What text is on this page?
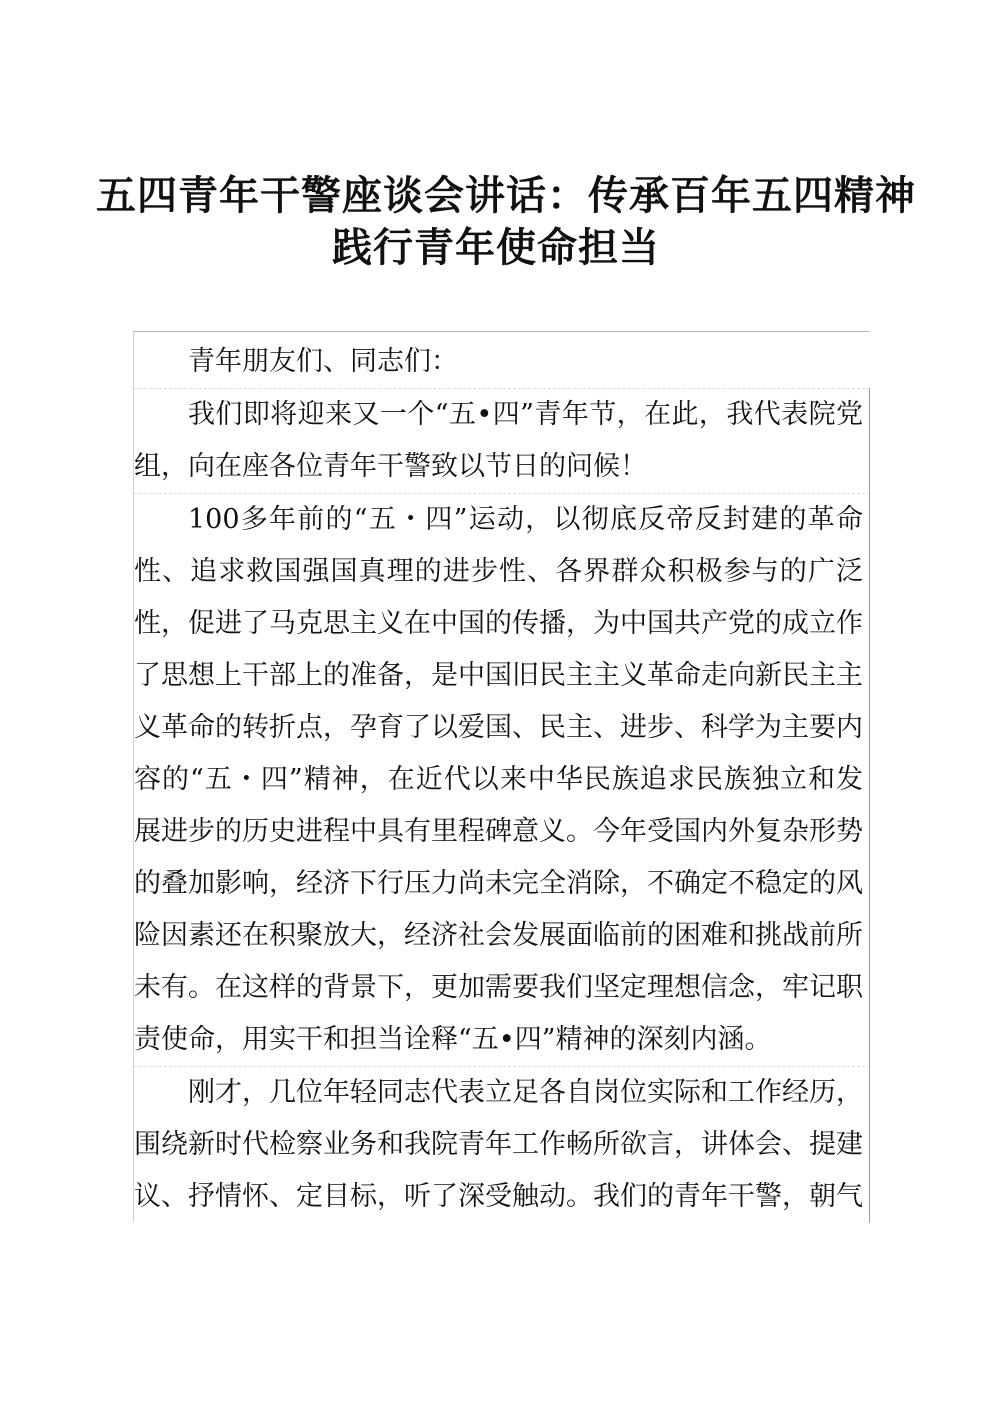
五四青年干警座谈会讲话：传承百年五四精神
践行青年使命担当

青年朋友们、同志们：

我们即将迎来又一个“五•四”青年节，在此，我代表院党组，向在座各位青年干警致以节日的问候！

100多年前的“五・四”运动，以彻底反帝反封建的革命性、追求救国强国真理的进步性、各界群众积极参与的广泛性，促进了马克思主义在中国的传播，为中国共产党的成立作了思想上干部上的准备，是中国旧民主主义革命走向新民主主义革命的转折点，孕育了以爱国、民主、进步、科学为主要内容的“五・四”精神，在近代以来中华民族追求民族独立和发展进步的历史进程中具有里程碑意义。今年受国内外复杂形势的叠加影响，经济下行压力尚未完全消除，不确定不稳定的风险因素还在积聚放大，经济社会发展面临前的困难和挑战前所未有。在这样的背景下，更加需要我们坚定理想信念，牢记职责使命，用实干和担当诠释“五•四”精神的深刻内涵。

刚才，几位年轻同志代表立足各自岗位实际和工作经历，围绕新时代检察业务和我院青年工作畅所欲言，讲体会、提建议、抒情怀、定目标，听了深受触动。我们的青年干警，朝气
